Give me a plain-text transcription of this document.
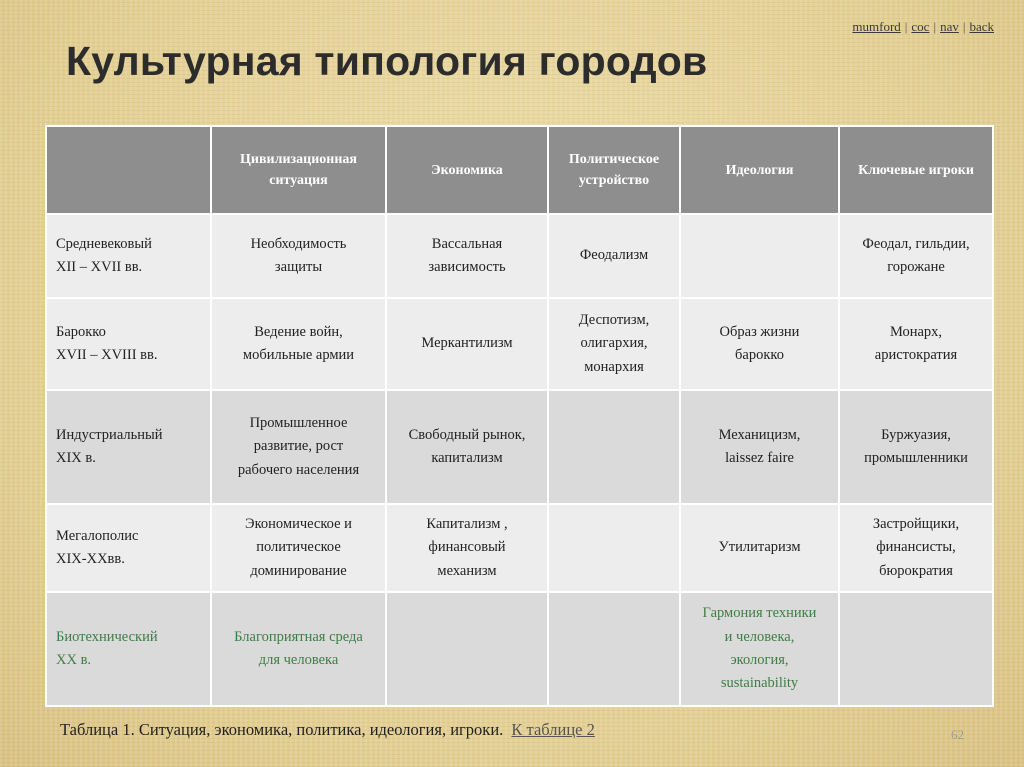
mumford | coc | nav | back
Культурная типология городов
	Цивилизационная ситуация	Экономика	Политическое устройство	Идеология	Ключевые игроки

Средневековый
XII – XVII вв.	Необходимость
защиты	Вассальная
зависимость	Феодализм		Феодал, гильдии,
горожане

Барокко
XVII – XVIII вв.	Ведение войн,
мобильные армии	Меркантилизм	Деспотизм,
олигархия,
монархия	Образ жизни
барокко	Монарх,
аристократия

Индустриальный
XIX в.	Промышленное
развитие, рост
рабочего населения	Свободный рынок,
капитализм		Механицизм,
laissez faire	Буржуазия,
промышленники

Мегалополис
XIX-XXвв.	Экономическое и
политическое
доминирование	Капитализм ,
финансовый
механизм		Утилитаризм	Застройщики,
финансисты,
бюрократия

Биотехнический
XX в.	Благоприятная среда
для человека			Гармония техники
и человека,
экология,
sustainability	

Таблица 1. Ситуация, экономика, политика, идеология, игроки. К таблице 2	62
